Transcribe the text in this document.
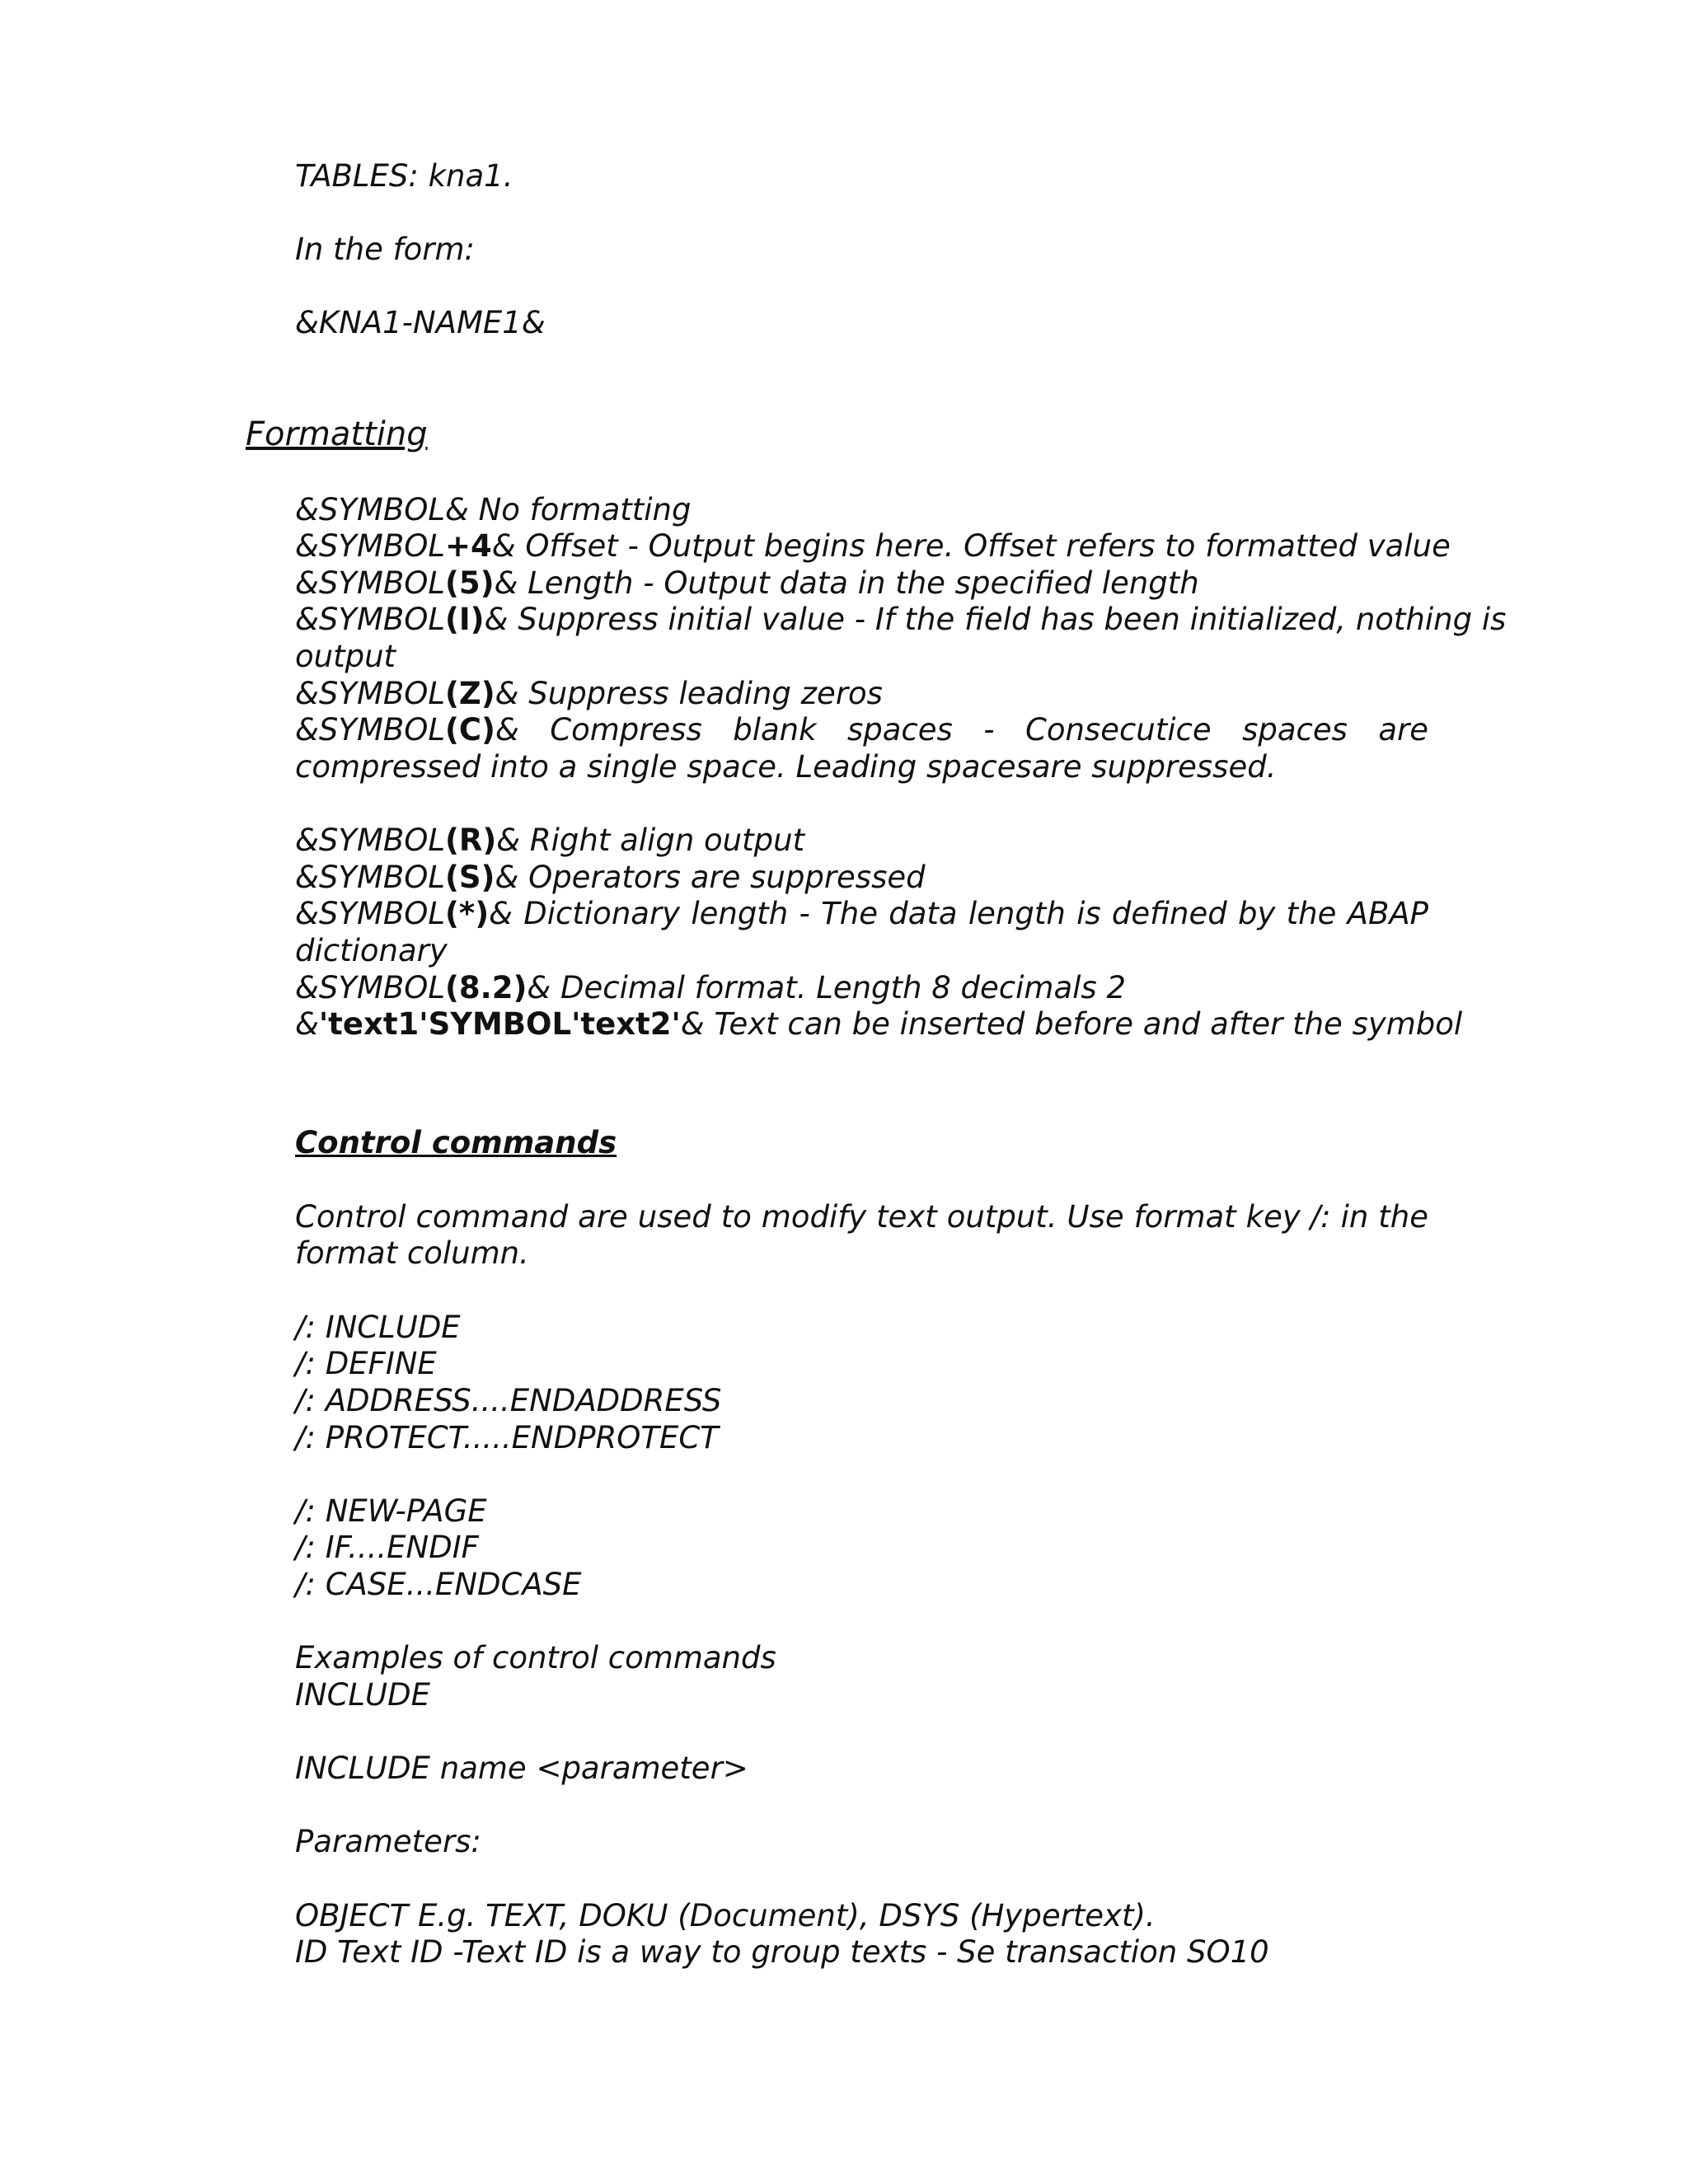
TABLES: kna1.
In the form:
&KNA1-NAME1&
Formatting
&SYMBOL& No formatting
&SYMBOL+4& Offset - Output begins here. Offset refers to formatted value
&SYMBOL(5)& Length - Output data in the specified length
&SYMBOL(I)& Suppress initial value - If the field has been initialized, nothing is
output
&SYMBOL(Z)& Suppress leading zeros
&SYMBOL(C)& Compress blank spaces - Consecutice spaces are
compressed into a single space. Leading spacesare suppressed.
&SYMBOL(R)& Right align output
&SYMBOL(S)& Operators are suppressed
&SYMBOL(*)& Dictionary length - The data length is defined by the ABAP
dictionary
&SYMBOL(8.2)& Decimal format. Length 8 decimals 2
&'text1'SYMBOL'text2'& Text can be inserted before and after the symbol
Control commands
Control command are used to modify text output. Use format key /: in the
format column.
/: INCLUDE
/: DEFINE
/: ADDRESS....ENDADDRESS
/: PROTECT.....ENDPROTECT
/: NEW-PAGE
/: IF....ENDIF
/: CASE...ENDCASE
Examples of control commands
INCLUDE
INCLUDE name <parameter>
Parameters:
OBJECT E.g. TEXT, DOKU (Document), DSYS (Hypertext).
ID Text ID -Text ID is a way to group texts - Se transaction SO10
